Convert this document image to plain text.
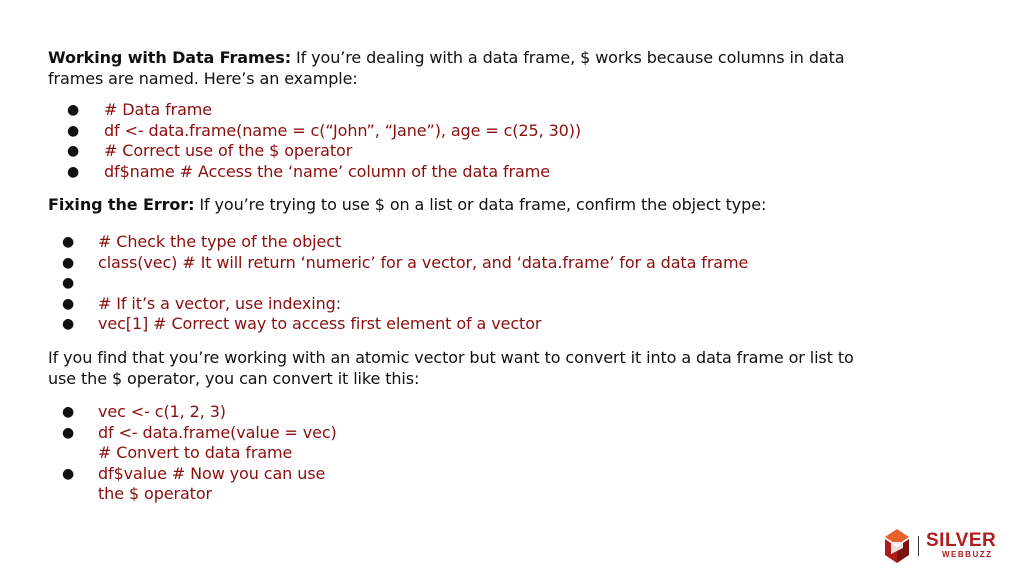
Working with Data Frames: If you’re dealing with a data frame, $ works because columns in data frames are named. Here’s an example:

● # Data frame
● df <- data.frame(name = c(“John”, “Jane”), age = c(25, 30))
● # Correct use of the $ operator
● df$name # Access the ‘name’ column of the data frame

Fixing the Error: If you’re trying to use $ on a list or data frame, confirm the object type:

● # Check the type of the object
● class(vec) # It will return ‘numeric’ for a vector, and ‘data.frame’ for a data frame
●
● # If it’s a vector, use indexing:
● vec[1] # Correct way to access first element of a vector

If you find that you’re working with an atomic vector but want to convert it into a data frame or list to use the $ operator, you can convert it like this:

● vec <- c(1, 2, 3)
● df <- data.frame(value = vec)
# Convert to data frame
● df$value # Now you can use
the $ operator
SILVER
WEBBUZZ
